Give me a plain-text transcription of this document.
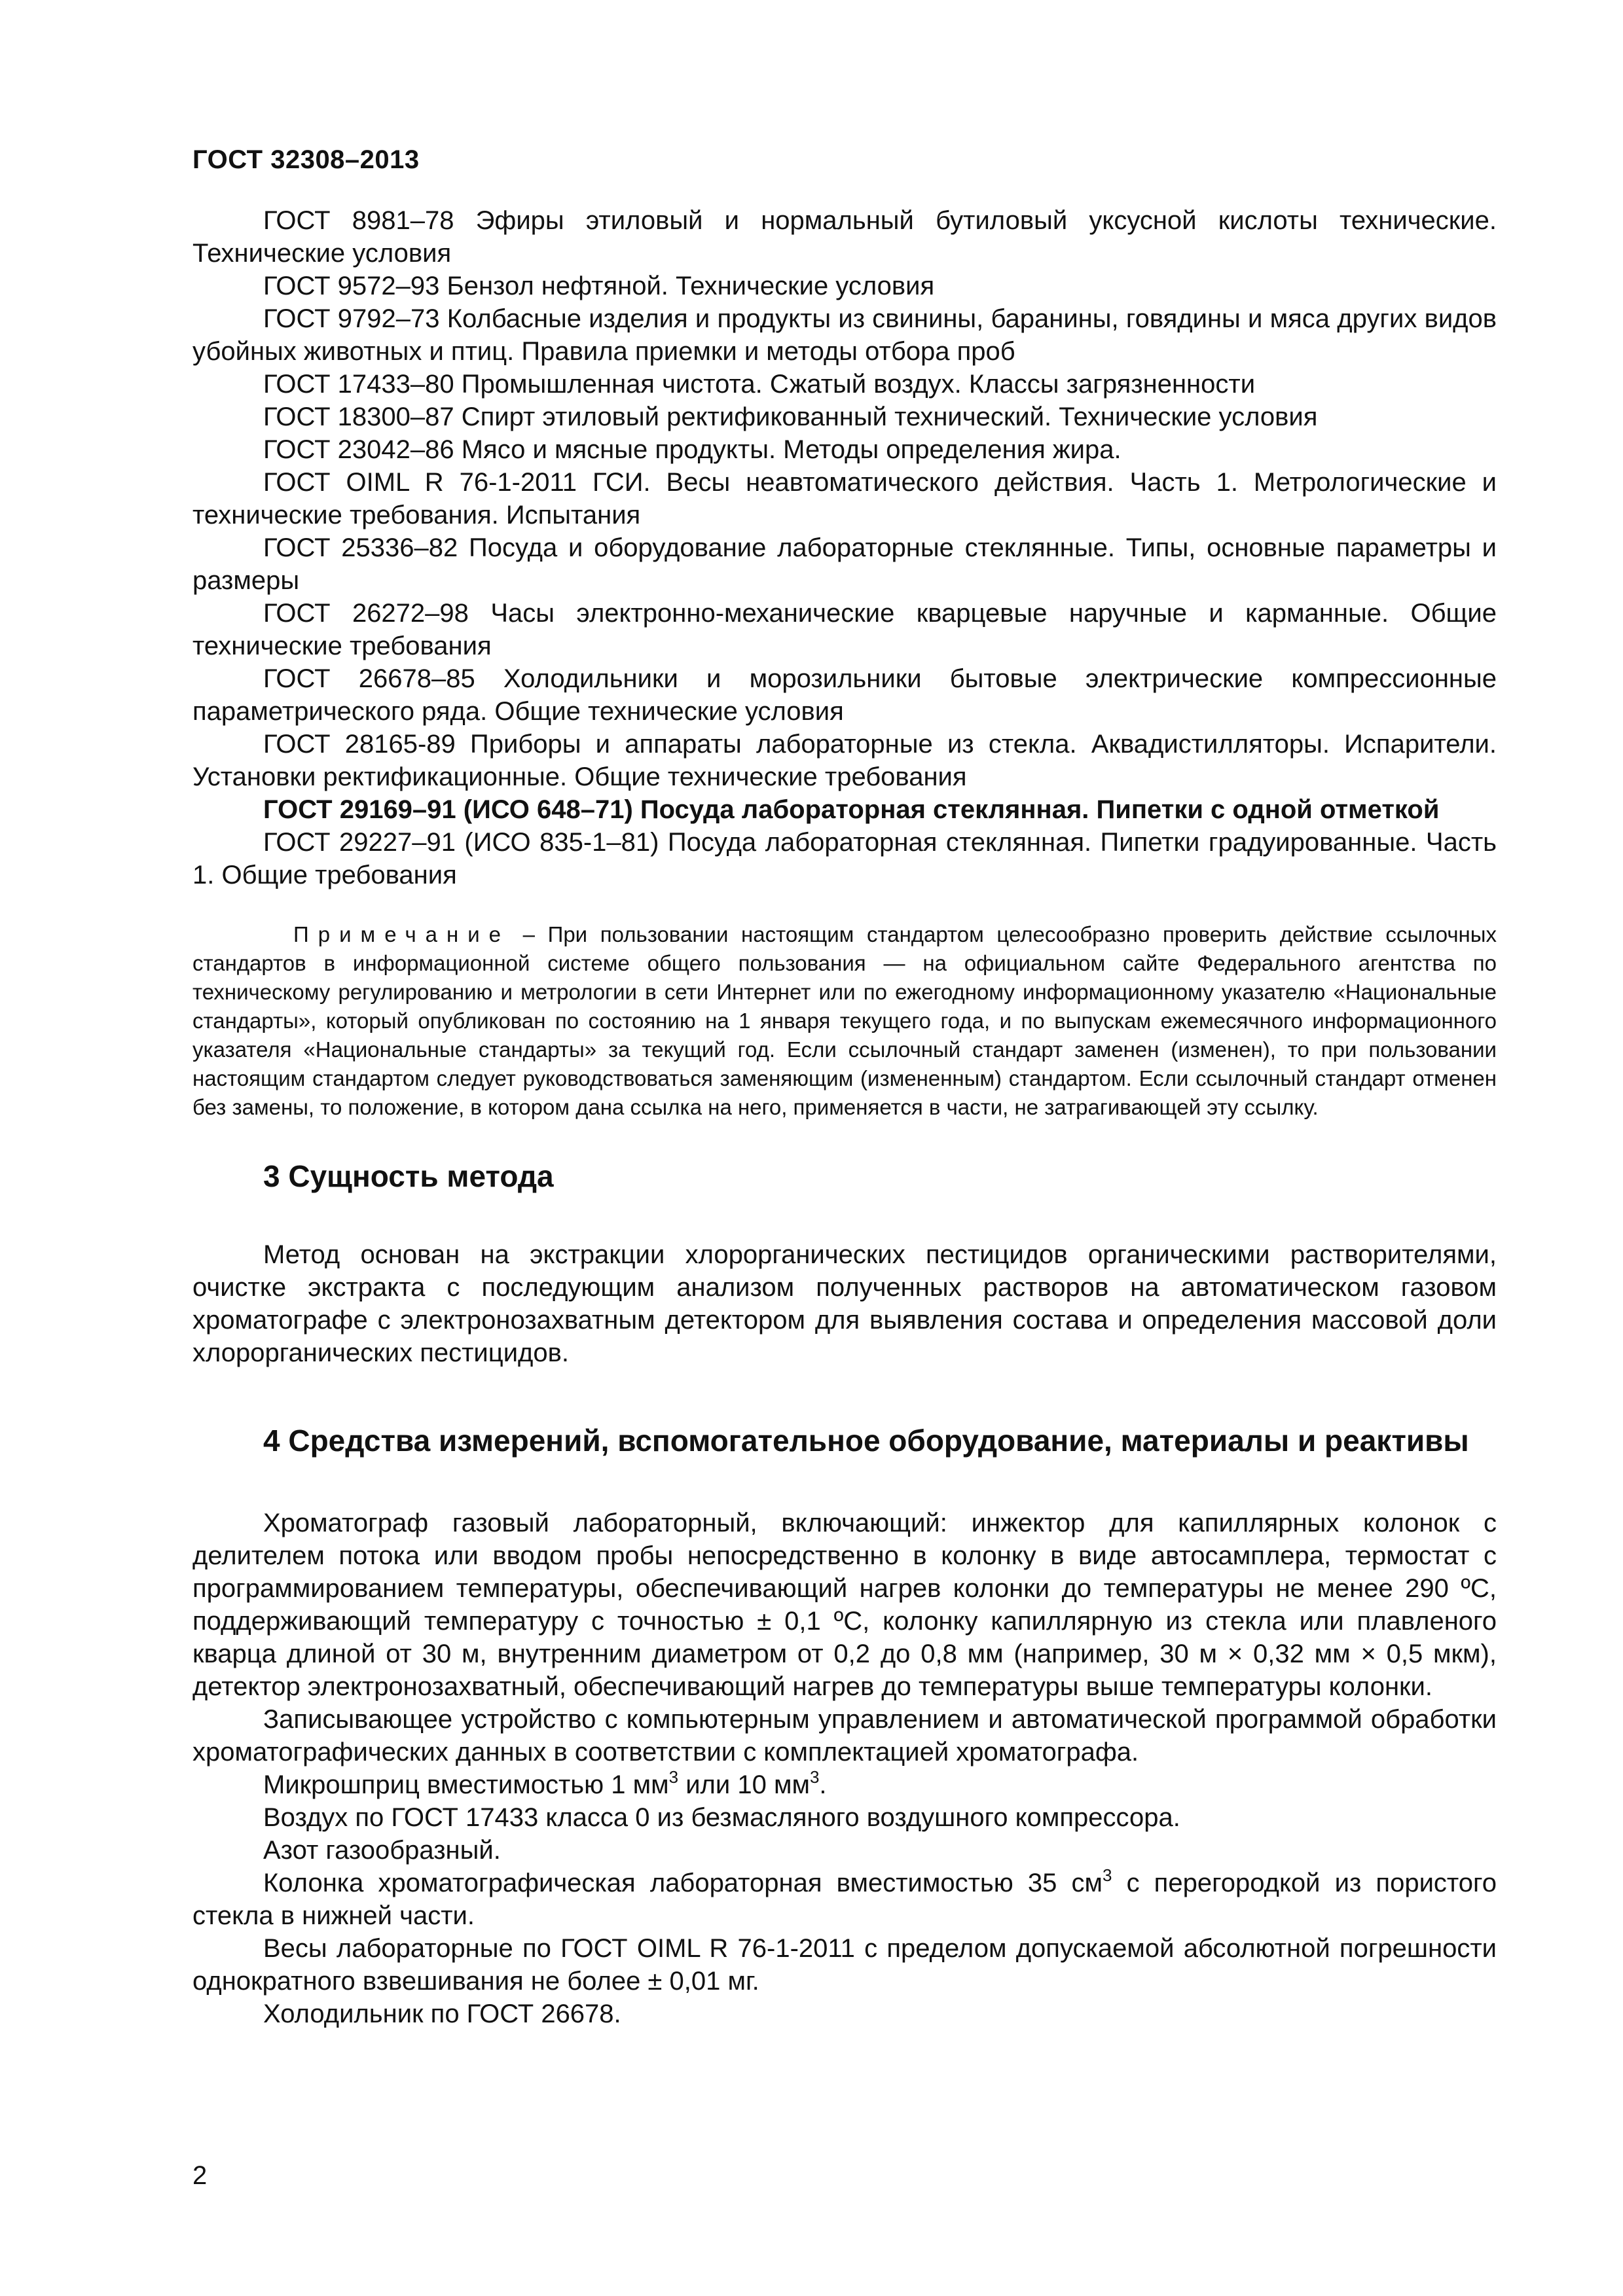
ГОСТ 32308–2013

ГОСТ 8981–78 Эфиры этиловый и нормальный бутиловый уксусной кислоты технические. Технические условия

ГОСТ 9572–93 Бензол нефтяной. Технические условия

ГОСТ 9792–73 Колбасные изделия и продукты из свинины, баранины, говядины и мяса других видов убойных животных и птиц. Правила приемки и методы отбора проб

ГОСТ 17433–80 Промышленная чистота. Сжатый воздух. Классы загрязненности

ГОСТ 18300–87 Спирт этиловый ректификованный технический. Технические условия

ГОСТ 23042–86 Мясо и мясные продукты. Методы определения жира.

ГОСТ OIML R 76-1-2011 ГСИ. Весы неавтоматического действия. Часть 1. Метрологические и технические требования. Испытания

ГОСТ 25336–82 Посуда и оборудование лабораторные стеклянные. Типы, основные параметры и размеры

ГОСТ 26272–98 Часы электронно-механические кварцевые наручные и карманные. Общие технические требования

ГОСТ 26678–85 Холодильники и морозильники бытовые электрические компрессионные параметрического ряда. Общие технические условия

ГОСТ 28165-89 Приборы и аппараты лабораторные из стекла. Аквадистилляторы. Испарители. Установки ректификационные. Общие технические требования

ГОСТ 29169–91 (ИСО 648–71) Посуда лабораторная стеклянная. Пипетки с одной отметкой

ГОСТ 29227–91 (ИСО 835-1–81) Посуда лабораторная стеклянная. Пипетки градуированные. Часть 1. Общие требования

Примечание – При пользовании настоящим стандартом целесообразно проверить действие ссылочных стандартов в информационной системе общего пользования — на официальном сайте Федерального агентства по техническому регулированию и метрологии в сети Интернет или по ежегодному информационному указателю «Национальные стандарты», который опубликован по состоянию на 1 января текущего года, и по выпускам ежемесячного информационного указателя «Национальные стандарты» за текущий год. Если ссылочный стандарт заменен (изменен), то при пользовании настоящим стандартом следует руководствоваться заменяющим (измененным) стандартом. Если ссылочный стандарт отменен без замены, то положение, в котором дана ссылка на него, применяется в части, не затрагивающей эту ссылку.

3 Сущность метода

Метод основан на экстракции хлорорганических пестицидов органическими растворителями, очистке экстракта с последующим анализом полученных растворов на автоматическом газовом хроматографе с электронозахватным детектором для выявления состава и определения массовой доли хлорорганических пестицидов.

4 Средства измерений, вспомогательное оборудование, материалы и реактивы

Хроматограф газовый лабораторный, включающий: инжектор для капиллярных колонок с делителем потока или вводом пробы непосредственно в колонку в виде автосамплера, термостат с программированием температуры, обеспечивающий нагрев колонки до температуры не менее 290 ºС, поддерживающий температуру с точностью ± 0,1 ºС, колонку капиллярную из стекла или плавленого кварца длиной от 30 м, внутренним диаметром от 0,2 до 0,8 мм (например, 30 м × 0,32 мм × 0,5 мкм), детектор электронозахватный, обеспечивающий нагрев до температуры выше температуры колонки.

Записывающее устройство с компьютерным управлением и автоматической программой обработки хроматографических данных в соответствии с комплектацией хроматографа.

Микрошприц вместимостью 1 $мм^3$ или 10 $мм^3$.

Воздух по ГОСТ 17433 класса 0 из безмасляного воздушного компрессора.

Азот газообразный.

Колонка хроматографическая лабораторная вместимостью 35 $см^3$ с перегородкой из пористого стекла в нижней части.

Весы лабораторные по ГОСТ OIML R 76-1-2011 с пределом допускаемой абсолютной погрешности однократного взвешивания не более ± 0,01 мг.

Холодильник по ГОСТ 26678.

2
